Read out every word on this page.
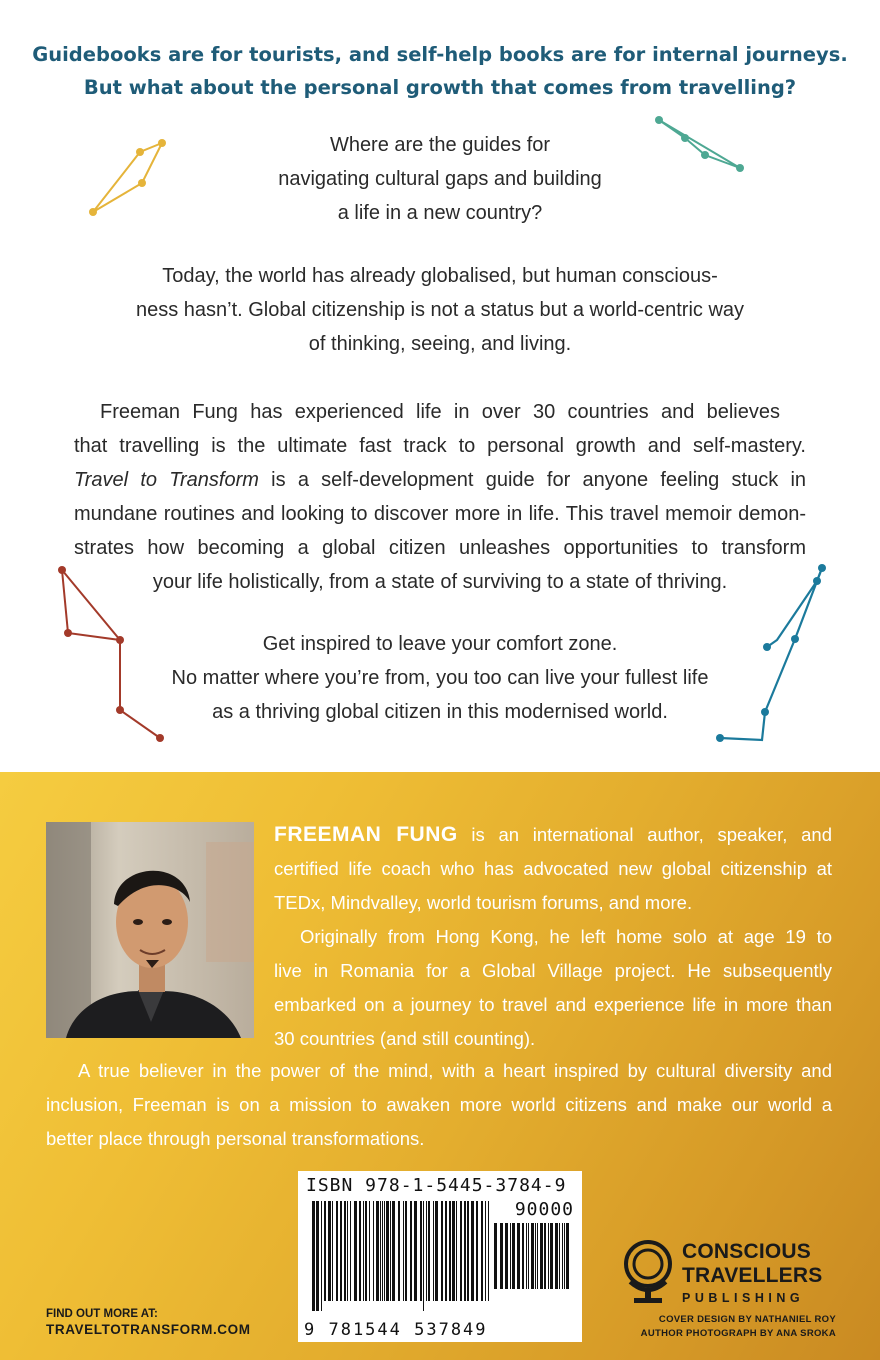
Guidebooks are for tourists, and self-help books are for internal journeys.
But what about the personal growth that comes from travelling?
Where are the guides for
navigating cultural gaps and building
a life in a new country?
Today, the world has already globalised, but human conscious-
ness hasn’t. Global citizenship is not a status but a world-centric way
of thinking, seeing, and living.
Freeman Fung has experienced life in over 30 countries and believes
that travelling is the ultimate fast track to personal growth and self-mastery.
Travel to Transform is a self-development guide for anyone feeling stuck in
mundane routines and looking to discover more in life. This travel memoir demon-
strates how becoming a global citizen unleashes opportunities to transform
your life holistically, from a state of surviving to a state of thriving.
Get inspired to leave your comfort zone.
No matter where you’re from, you too can live your fullest life
as a thriving global citizen in this modernised world.
FREEMAN FUNG is an international author, speaker, and
certified life coach who has advocated new global citizenship at
TEDx, Mindvalley, world tourism forums, and more.
Originally from Hong Kong, he left home solo at age 19 to
live in Romania for a Global Village project. He subsequently
embarked on a journey to travel and experience life in more than
30 countries (and still counting).
A true believer in the power of the mind, with a heart inspired by cultural diversity and
inclusion, Freeman is on a mission to awaken more world citizens and make our world a
better place through personal transformations.
ISBN 978-1-5445-3784-9
90000
9 781544 537849
FIND OUT MORE AT:
TRAVELTOTRANSFORM.COM
CONSCIOUS
TRAVELLERS
PUBLISHING
COVER DESIGN BY NATHANIEL ROY
AUTHOR PHOTOGRAPH BY ANA SROKA
